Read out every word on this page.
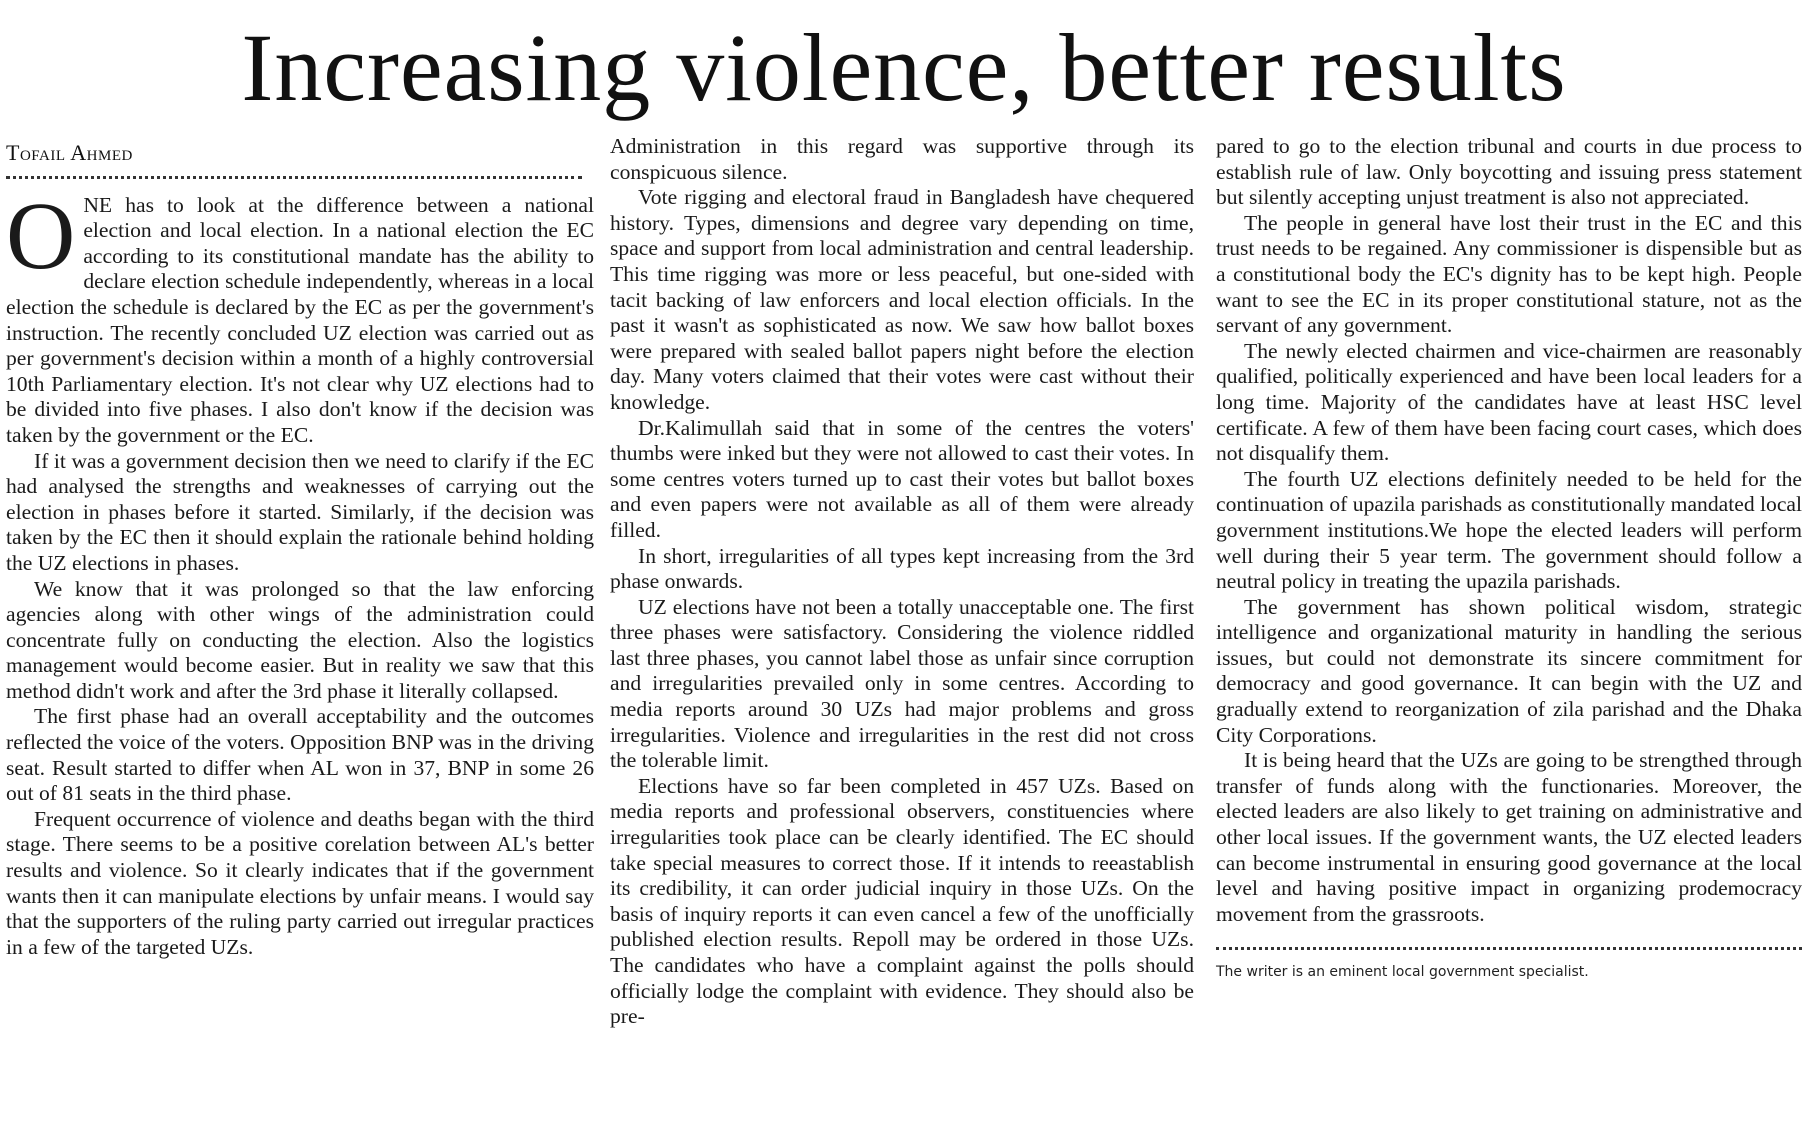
Increasing violence, better results
Tofail Ahmed

ONE has to look at the difference between a national election and local election. In a national election the EC according to its constitutional mandate has the ability to declare election schedule independently, whereas in a local election the schedule is declared by the EC as per the government's instruction. The recently concluded UZ election was carried out as per government's decision within a month of a highly controversial 10th Parliamentary election. It's not clear why UZ elections had to be divided into five phases. I also don't know if the decision was taken by the government or the EC.

If it was a government decision then we need to clarify if the EC had analysed the strengths and weaknesses of carrying out the election in phases before it started. Similarly, if the decision was taken by the EC then it should explain the rationale behind holding the UZ elections in phases.

We know that it was prolonged so that the law enforcing agencies along with other wings of the administration could concentrate fully on conducting the election. Also the logistics management would become easier. But in reality we saw that this method didn't work and after the 3rd phase it literally collapsed.

The first phase had an overall acceptability and the outcomes reflected the voice of the voters. Opposition BNP was in the driving seat. Result started to differ when AL won in 37, BNP in some 26 out of 81 seats in the third phase.

Frequent occurrence of violence and deaths began with the third stage. There seems to be a positive corelation between AL's better results and violence. So it clearly indicates that if the government wants then it can manipulate elections by unfair means. I would say that the supporters of the ruling party carried out irregular practices in a few of the targeted UZs.

Administration in this regard was supportive through its conspicuous silence.

Vote rigging and electoral fraud in Bangladesh have chequered history. Types, dimensions and degree vary depending on time, space and support from local administration and central leadership. This time rigging was more or less peaceful, but one-sided with tacit backing of law enforcers and local election officials. In the past it wasn't as sophisticated as now. We saw how ballot boxes were prepared with sealed ballot papers night before the election day. Many voters claimed that their votes were cast without their knowledge.

Dr.Kalimullah said that in some of the centres the voters' thumbs were inked but they were not allowed to cast their votes. In some centres voters turned up to cast their votes but ballot boxes and even papers were not available as all of them were already filled.

In short, irregularities of all types kept increasing from the 3rd phase onwards.

UZ elections have not been a totally unacceptable one. The first three phases were satisfactory. Considering the violence riddled last three phases, you cannot label those as unfair since corruption and irregularities prevailed only in some centres. According to media reports around 30 UZs had major problems and gross irregularities. Violence and irregularities in the rest did not cross the tolerable limit.

Elections have so far been completed in 457 UZs. Based on media reports and professional observers, constituencies where irregularities took place can be clearly identified. The EC should take special measures to correct those. If it intends to reeastablish its credibility, it can order judicial inquiry in those UZs. On the basis of inquiry reports it can even cancel a few of the unofficially published election results. Repoll may be ordered in those UZs. The candidates who have a complaint against the polls should officially lodge the complaint with evidence. They should also be pre-

pared to go to the election tribunal and courts in due process to establish rule of law. Only boycotting and issuing press statement but silently accepting unjust treatment is also not appreciated.

The people in general have lost their trust in the EC and this trust needs to be regained. Any commissioner is dispensible but as a constitutional body the EC's dignity has to be kept high. People want to see the EC in its proper constitutional stature, not as the servant of any government.

The newly elected chairmen and vice-chairmen are reasonably qualified, politically experienced and have been local leaders for a long time. Majority of the candidates have at least HSC level certificate. A few of them have been facing court cases, which does not disqualify them.

The fourth UZ elections definitely needed to be held for the continuation of upazila parishads as constitutionally mandated local government institutions.We hope the elected leaders will perform well during their 5 year term. The government should follow a neutral policy in treating the upazila parishads.

The government has shown political wisdom, strategic intelligence and organizational maturity in handling the serious issues, but could not demonstrate its sincere commitment for democracy and good governance. It can begin with the UZ and gradually extend to reorganization of zila parishad and the Dhaka City Corporations.

It is being heard that the UZs are going to be strengthed through transfer of funds along with the functionaries. Moreover, the elected leaders are also likely to get training on administrative and other local issues. If the government wants, the UZ elected leaders can become instrumental in ensuring good governance at the local level and having positive impact in organizing prodemocracy movement from the grassroots.

The writer is an eminent local government specialist.
